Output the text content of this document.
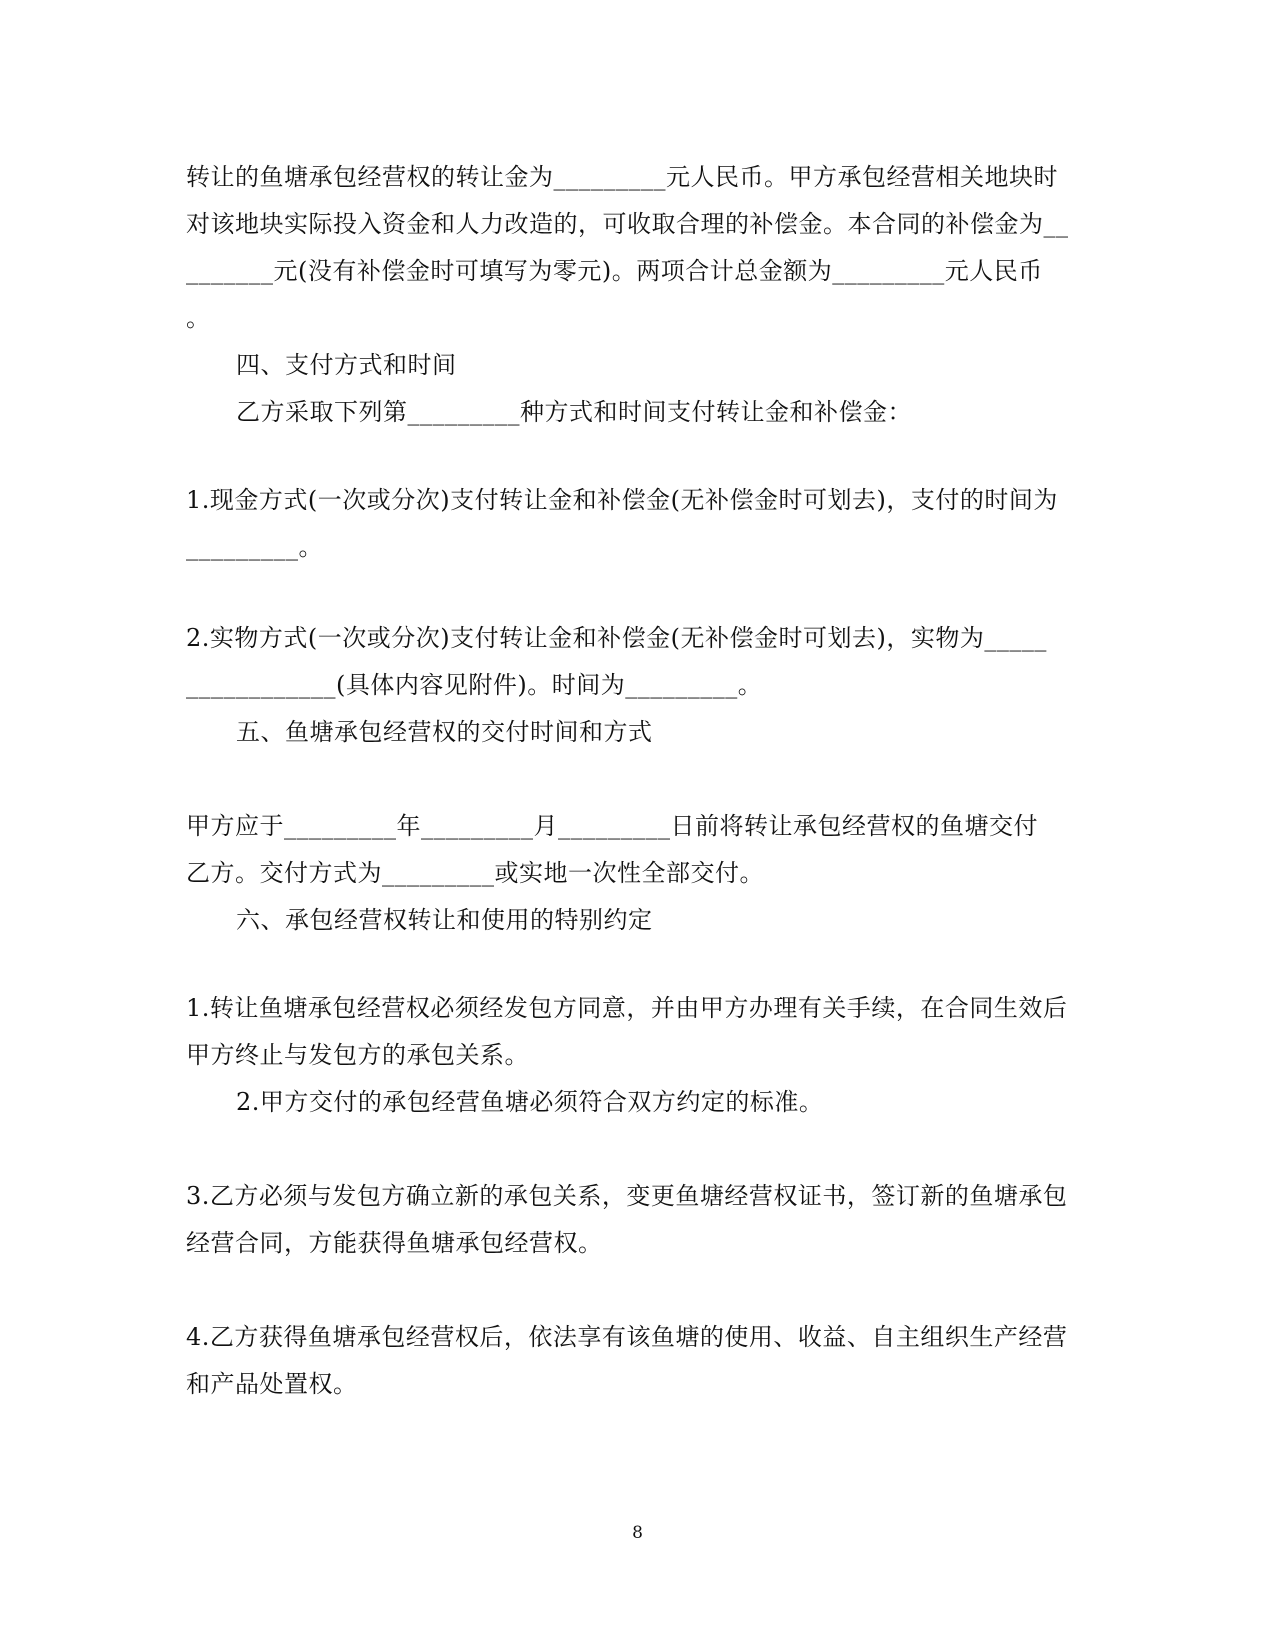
转让的鱼塘承包经营权的转让金为_________元人民币。甲方承包经营相关地块时
对该地块实际投入资金和人力改造的，可收取合理的补偿金。本合同的补偿金为__
_______元(没有补偿金时可填写为零元)。两项合计总金额为_________元人民币
。
四、支付方式和时间
乙方采取下列第_________种方式和时间支付转让金和补偿金：
1.现金方式(一次或分次)支付转让金和补偿金(无补偿金时可划去)，支付的时间为
_________。
2.实物方式(一次或分次)支付转让金和补偿金(无补偿金时可划去)，实物为_____
____________(具体内容见附件)。时间为_________。
五、鱼塘承包经营权的交付时间和方式
甲方应于_________年_________月_________日前将转让承包经营权的鱼塘交付
乙方。交付方式为_________或实地一次性全部交付。
六、承包经营权转让和使用的特别约定
1.转让鱼塘承包经营权必须经发包方同意，并由甲方办理有关手续，在合同生效后
甲方终止与发包方的承包关系。
2.甲方交付的承包经营鱼塘必须符合双方约定的标准。
3.乙方必须与发包方确立新的承包关系，变更鱼塘经营权证书，签订新的鱼塘承包
经营合同，方能获得鱼塘承包经营权。
4.乙方获得鱼塘承包经营权后，依法享有该鱼塘的使用、收益、自主组织生产经营
和产品处置权。
8
